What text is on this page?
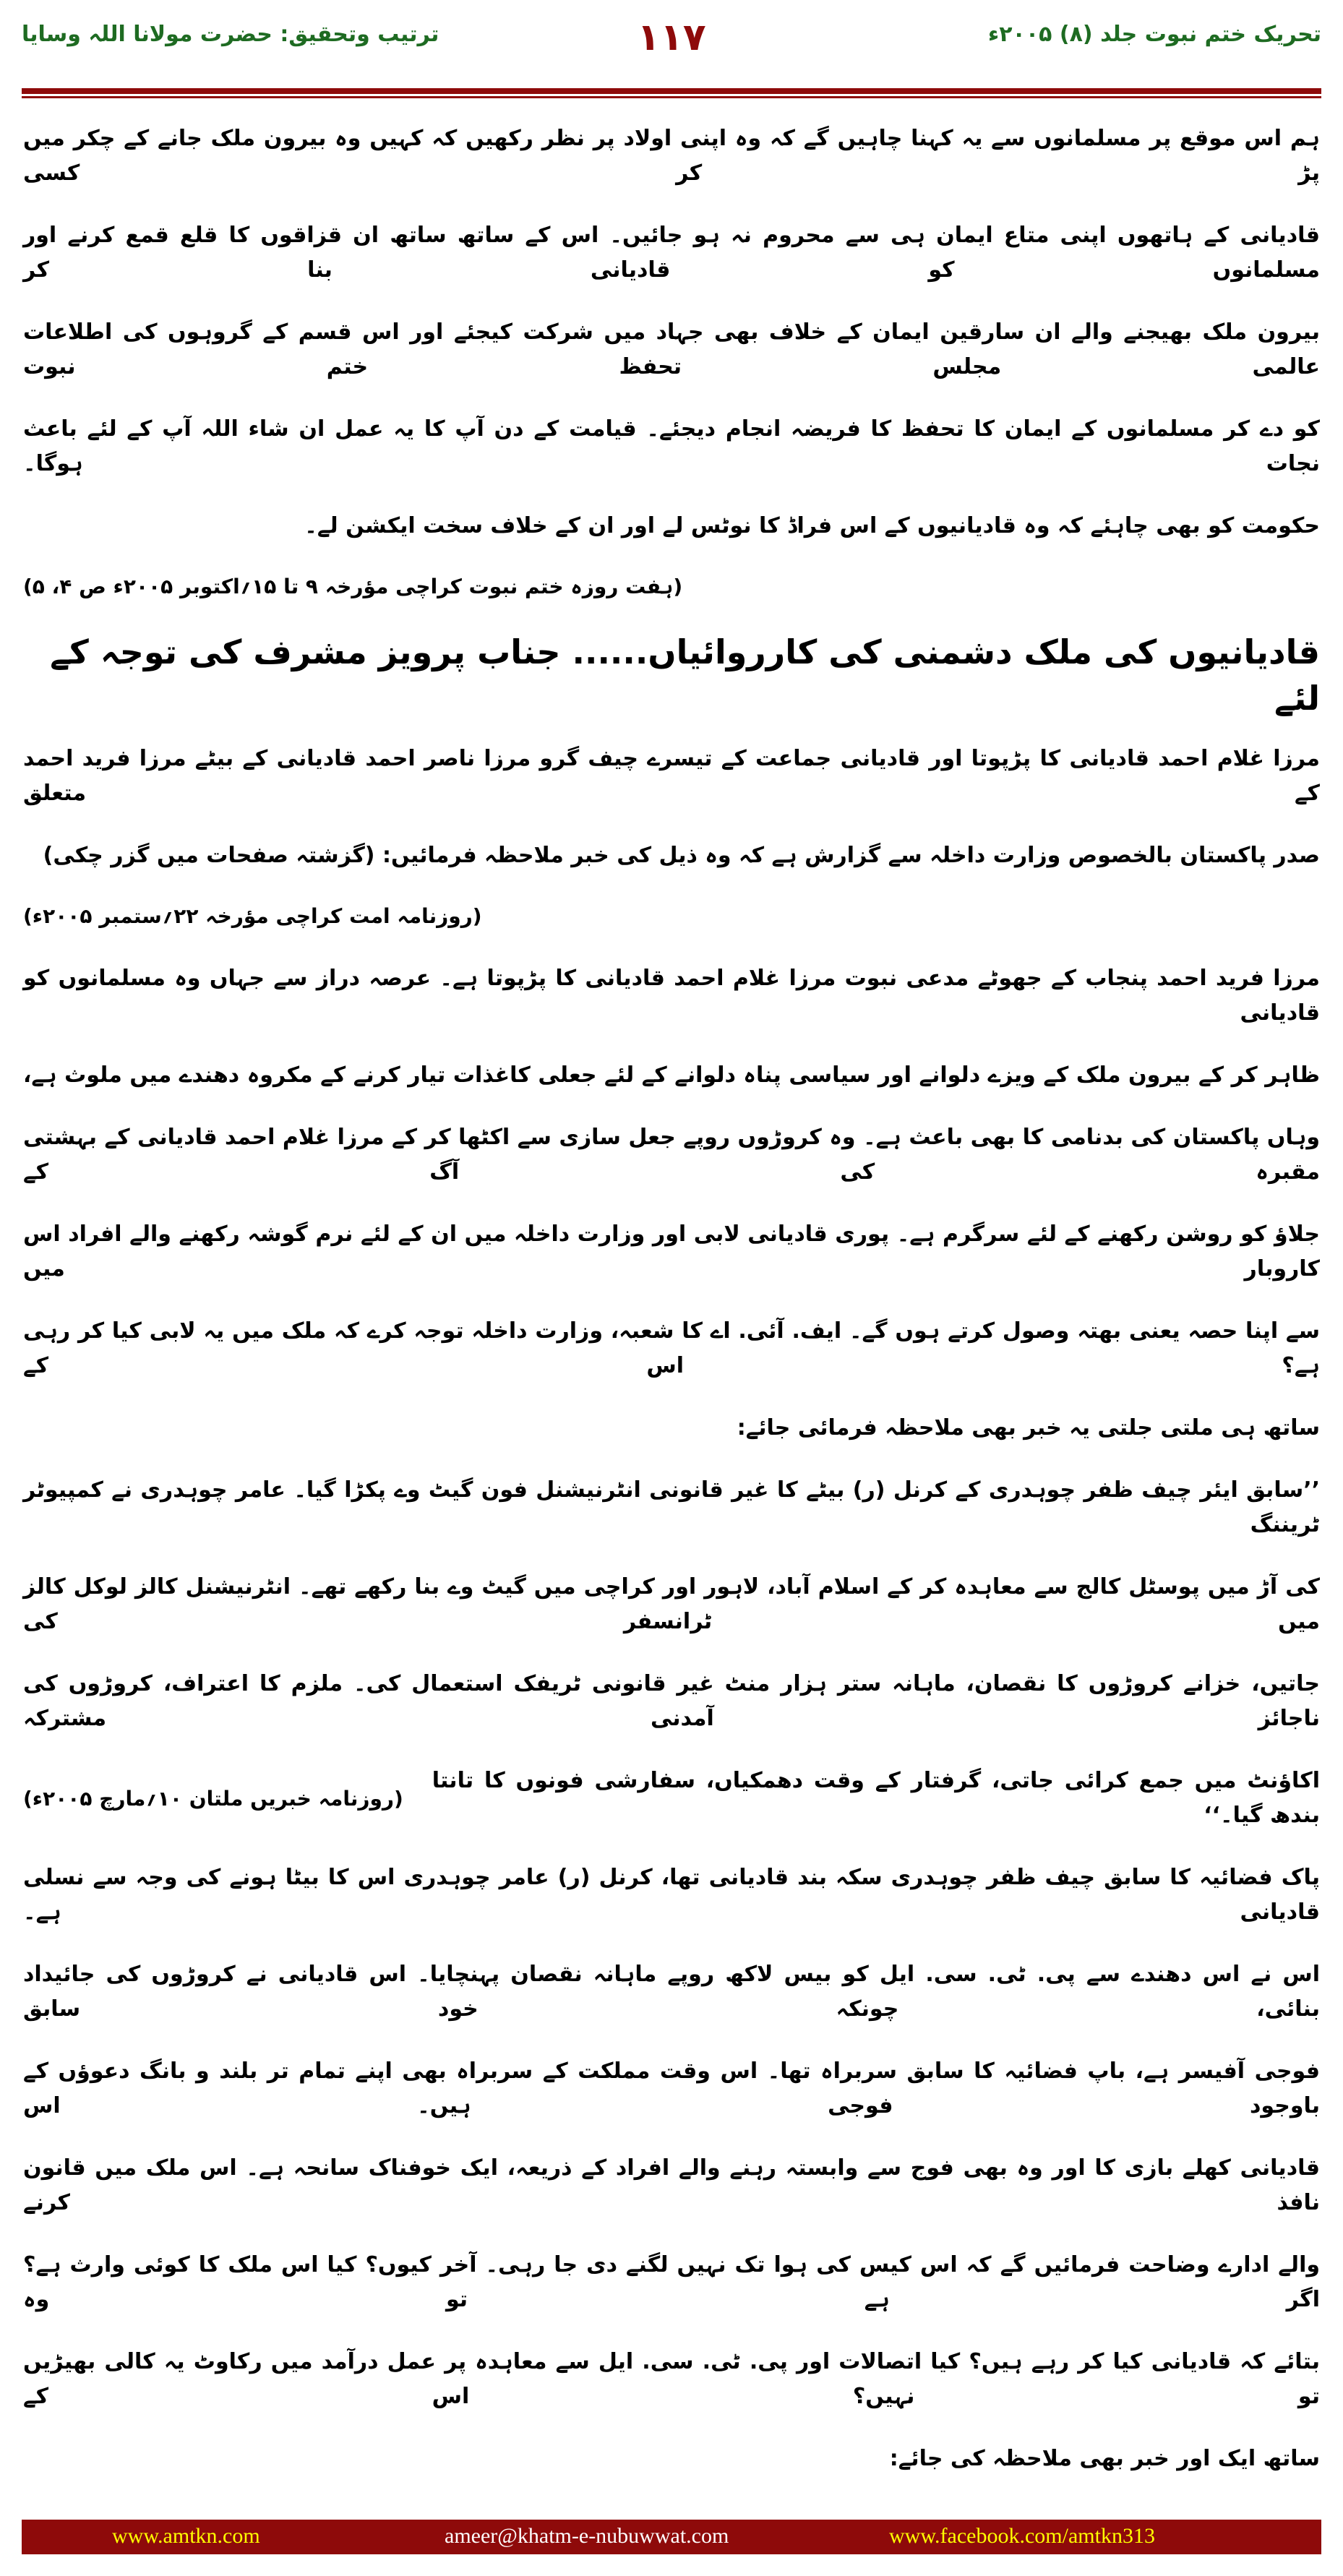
تحریک ختم نبوت جلد (۸) ۲۰۰۵ء
۱۱۷
ترتیب وتحقیق: حضرت مولانا اللہ وسایا
ہم اس موقع پر مسلمانوں سے یہ کہنا چاہیں گے کہ وہ اپنی اولاد پر نظر رکھیں کہ کہیں وہ بیرون ملک جانے کے چکر میں پڑ کر کسی
قادیانی کے ہاتھوں اپنی متاع ایمان ہی سے محروم نہ ہو جائیں۔ اس کے ساتھ ساتھ ان قزاقوں کا قلع قمع کرنے اور مسلمانوں کو قادیانی بنا کر
بیرون ملک بھیجنے والے ان سارقین ایمان کے خلاف بھی جہاد میں شرکت کیجئے اور اس قسم کے گروہوں کی اطلاعات عالمی مجلس تحفظ ختم نبوت
کو دے کر مسلمانوں کے ایمان کا تحفظ کا فریضہ انجام دیجئے۔ قیامت کے دن آپ کا یہ عمل ان شاء اللہ آپ کے لئے باعث نجات ہوگا۔
حکومت کو بھی چاہئے کہ وہ قادیانیوں کے اس فراڈ کا نوٹس لے اور ان کے خلاف سخت ایکشن لے۔
(ہفت روزہ ختم نبوت کراچی مؤرخہ ۹ تا ۱۵؍اکتوبر ۲۰۰۵ء ص ۴، ۵)
قادیانیوں کی ملک دشمنی کی کارروائیاں...... جناب پرویز مشرف کی توجہ کے لئے
مرزا غلام احمد قادیانی کا پڑپوتا اور قادیانی جماعت کے تیسرے چیف گرو مرزا ناصر احمد قادیانی کے بیٹے مرزا فرید احمد کے متعلق
صدر پاکستان بالخصوص وزارت داخلہ سے گزارش ہے کہ وہ ذیل کی خبر ملاحظہ فرمائیں: (گزشتہ صفحات میں گزر چکی)
(روزنامہ امت کراچی مؤرخہ ۲۲؍ستمبر ۲۰۰۵ء)
مرزا فرید احمد پنجاب کے جھوٹے مدعی نبوت مرزا غلام احمد قادیانی کا پڑپوتا ہے۔ عرصہ دراز سے جہاں وہ مسلمانوں کو قادیانی
ظاہر کر کے بیرون ملک کے ویزے دلوانے اور سیاسی پناہ دلوانے کے لئے جعلی کاغذات تیار کرنے کے مکروہ دھندے میں ملوث ہے،
وہاں پاکستان کی بدنامی کا بھی باعث ہے۔ وہ کروڑوں روپے جعل سازی سے اکٹھا کر کے مرزا غلام احمد قادیانی کے بہشتی مقبرہ کی آگ کے
جلاؤ کو روشن رکھنے کے لئے سرگرم ہے۔ پوری قادیانی لابی اور وزارت داخلہ میں ان کے لئے نرم گوشہ رکھنے والے افراد اس کاروبار میں
سے اپنا حصہ یعنی بھتہ وصول کرتے ہوں گے۔ ایف. آئی. اے کا شعبہ، وزارت داخلہ توجہ کرے کہ ملک میں یہ لابی کیا کر رہی ہے؟ اس کے
ساتھ ہی ملتی جلتی یہ خبر بھی ملاحظہ فرمائی جائے:
’’سابق ایئر چیف ظفر چوہدری کے کرنل (ر) بیٹے کا غیر قانونی انٹرنیشنل فون گیٹ وے پکڑا گیا۔ عامر چوہدری نے کمپیوٹر ٹریننگ
کی آڑ میں پوسٹل کالج سے معاہدہ کر کے اسلام آباد، لاہور اور کراچی میں گیٹ وے بنا رکھے تھے۔ انٹرنیشنل کالز لوکل کالز میں ٹرانسفر کی
جاتیں، خزانے کروڑوں کا نقصان، ماہانہ ستر ہزار منٹ غیر قانونی ٹریفک استعمال کی۔ ملزم کا اعتراف، کروڑوں کی ناجائز آمدنی مشترکہ
اکاؤنٹ میں جمع کرائی جاتی، گرفتار کے وقت دھمکیاں، سفارشی فونوں کا تانتا بندھ گیا۔‘‘
(روزنامہ خبریں ملتان ۱۰؍مارچ ۲۰۰۵ء)
پاک فضائیہ کا سابق چیف ظفر چوہدری سکہ بند قادیانی تھا، کرنل (ر) عامر چوہدری اس کا بیٹا ہونے کی وجہ سے نسلی قادیانی ہے۔
اس نے اس دھندے سے پی. ٹی. سی. ایل کو بیس لاکھ روپے ماہانہ نقصان پہنچایا۔ اس قادیانی نے کروڑوں کی جائیداد بنائی، چونکہ خود سابق
فوجی آفیسر ہے، باپ فضائیہ کا سابق سربراہ تھا۔ اس وقت مملکت کے سربراہ بھی اپنے تمام تر بلند و بانگ دعوؤں کے باوجود فوجی ہیں۔ اس
قادیانی کھلے بازی کا اور وہ بھی فوج سے وابستہ رہنے والے افراد کے ذریعہ، ایک خوفناک سانحہ ہے۔ اس ملک میں قانون نافذ کرنے
والے ادارے وضاحت فرمائیں گے کہ اس کیس کی ہوا تک نہیں لگنے دی جا رہی۔ آخر کیوں؟ کیا اس ملک کا کوئی وارث ہے؟ اگر ہے تو وہ
بتائے کہ قادیانی کیا کر رہے ہیں؟ کیا اتصالات اور پی. ٹی. سی. ایل سے معاہدہ پر عمل درآمد میں رکاوٹ یہ کالی بھیڑیں تو نہیں؟ اس کے
ساتھ ایک اور خبر بھی ملاحظہ کی جائے:
www.amtkn.com	ameer@khatm-e-nubuwwat.com	www.facebook.com/amtkn313
